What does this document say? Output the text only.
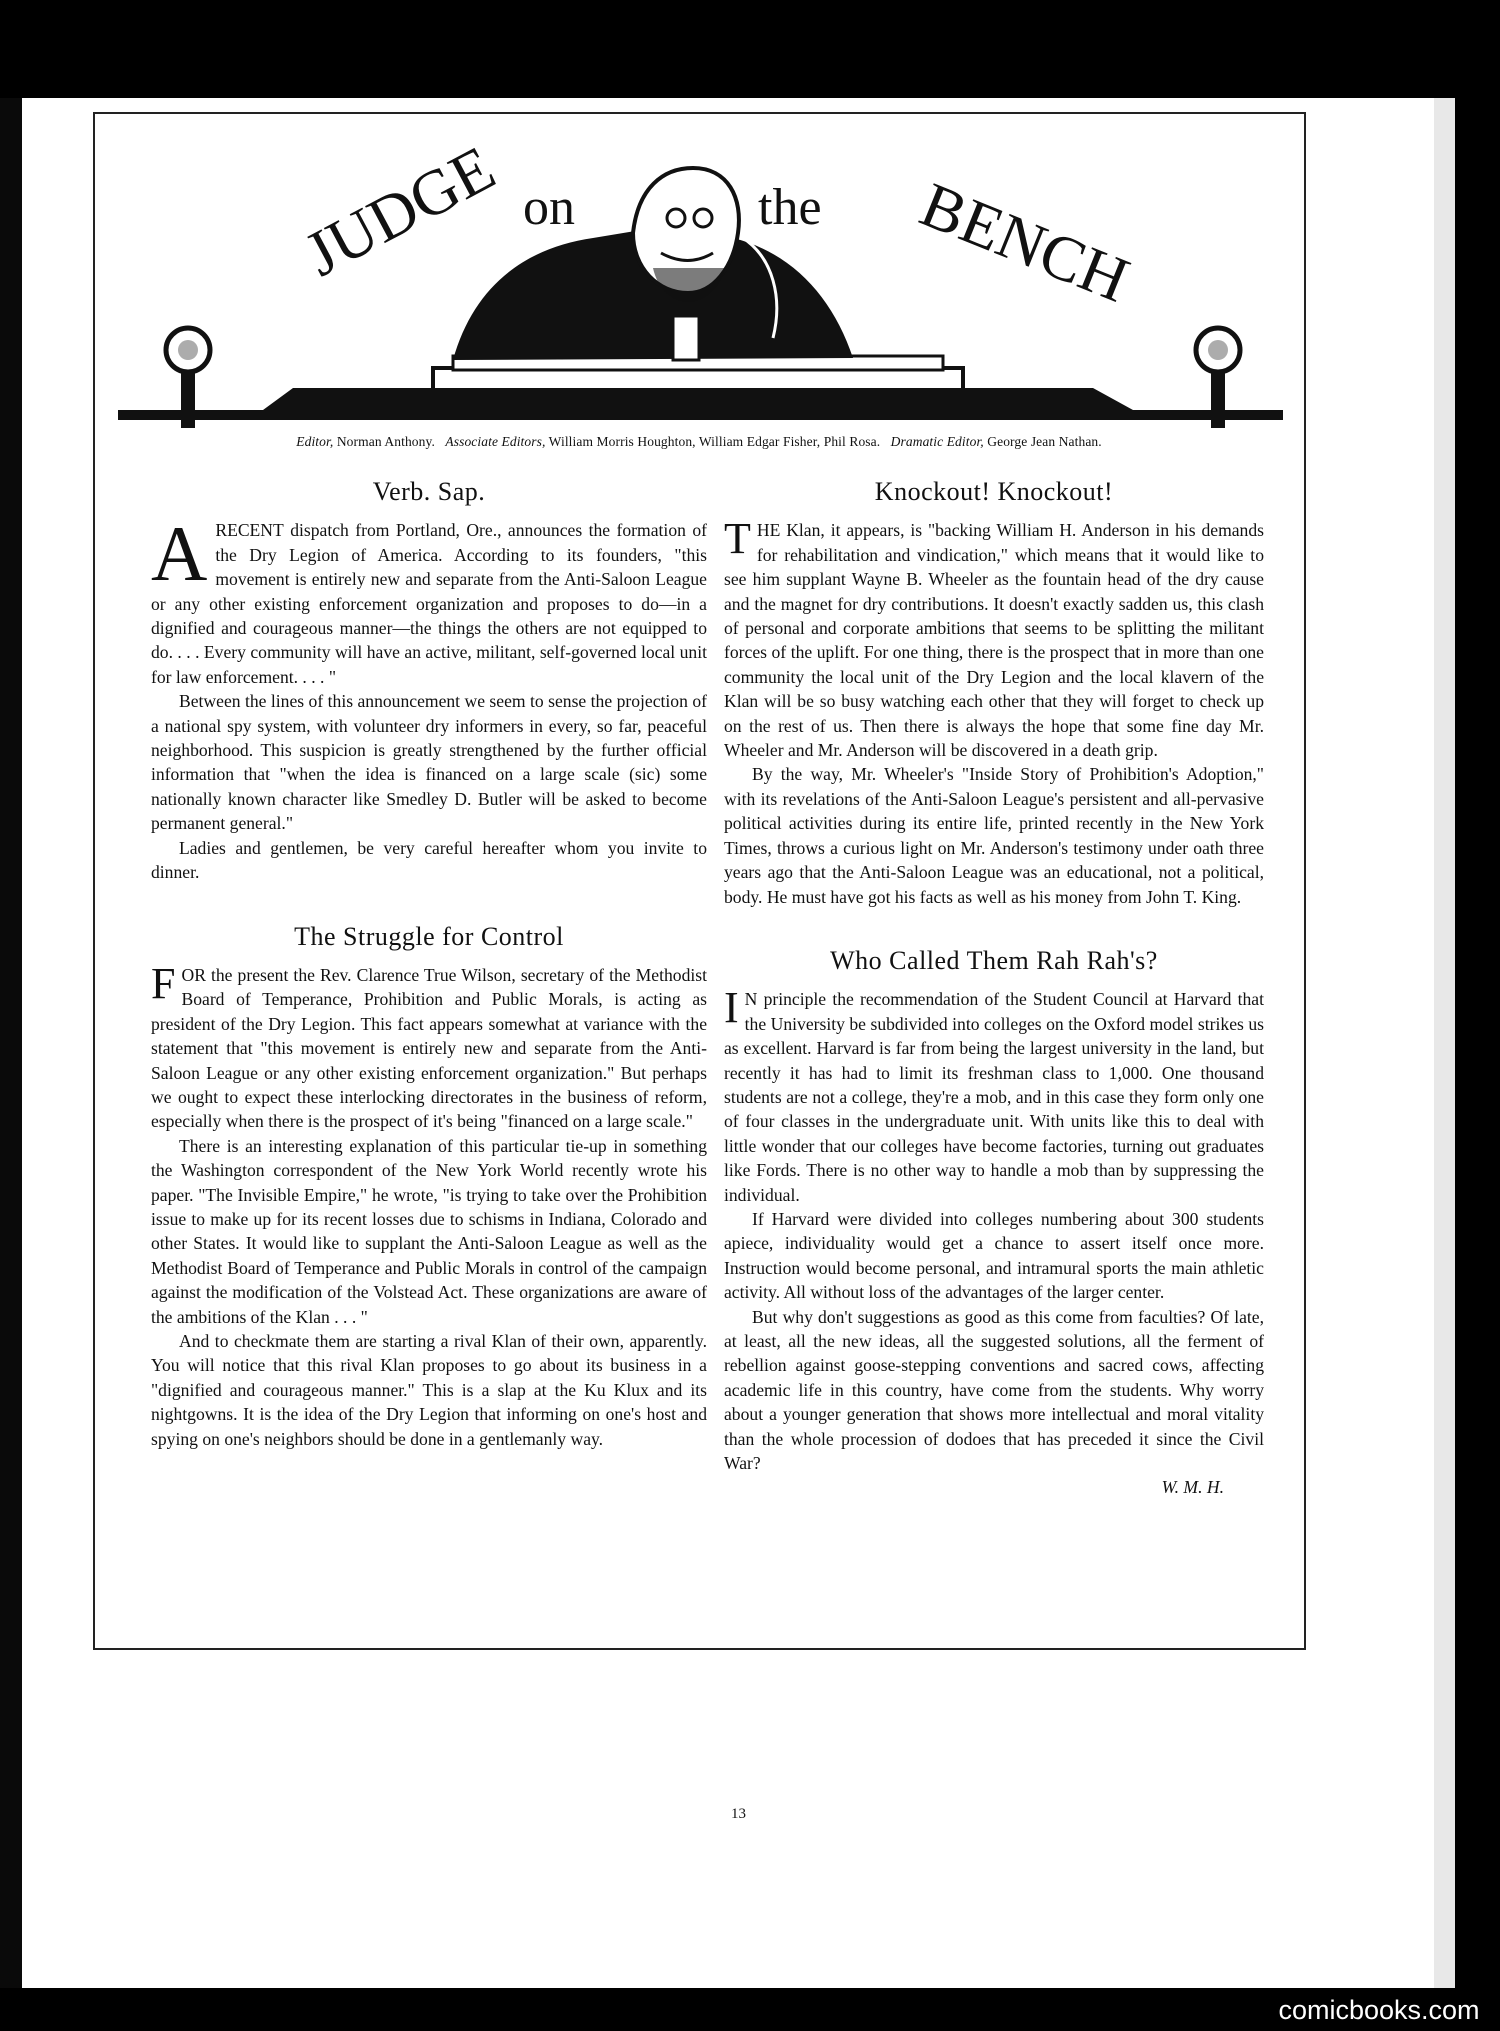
13
JUDGE on	the BENCH
Editor, Norman Anthony. Associate Editors, William Morris Houghton, William Edgar Fisher, Phil Rosa. Dramatic Editor, George Jean Nathan.
Verb. Sap.

ARECENT dispatch from Portland, Ore., announces the formation of the Dry Legion of America. According to its founders, "this movement is entirely new and separate from the Anti-Saloon League or any other existing enforcement organization and proposes to do—in a dignified and courageous manner—the things the others are not equipped to do. . . . Every community will have an active, militant, self-governed local unit for law enforcement. . . . "

Between the lines of this announcement we seem to sense the projection of a national spy system, with volunteer dry informers in every, so far, peaceful neighborhood. This suspicion is greatly strengthened by the further official information that "when the idea is financed on a large scale (sic) some nationally known character like Smedley D. Butler will be asked to become permanent general."

Ladies and gentlemen, be very careful hereafter whom you invite to dinner.

The Struggle for Control

FOR the present the Rev. Clarence True Wilson, secretary of the Methodist Board of Temperance, Prohibition and Public Morals, is acting as president of the Dry Legion. This fact appears somewhat at variance with the statement that "this movement is entirely new and separate from the Anti-Saloon League or any other existing enforcement organization." But perhaps we ought to expect these interlocking directorates in the business of reform, especially when there is the prospect of it's being "financed on a large scale."

There is an interesting explanation of this particular tie-up in something the Washington correspondent of the New York World recently wrote his paper. "The Invisible Empire," he wrote, "is trying to take over the Prohibition issue to make up for its recent losses due to schisms in Indiana, Colorado and other States. It would like to supplant the Anti-Saloon League as well as the Methodist Board of Temperance and Public Morals in control of the campaign against the modification of the Volstead Act. These organizations are aware of the ambitions of the Klan . . . "

And to checkmate them are starting a rival Klan of their own, apparently. You will notice that this rival Klan proposes to go about its business in a "dignified and courageous manner." This is a slap at the Ku Klux and its nightgowns. It is the idea of the Dry Legion that informing on one's host and spying on one's neighbors should be done in a gentlemanly way.

Knockout! Knockout!

THE Klan, it appears, is "backing William H. Anderson in his demands for rehabilitation and vindication," which means that it would like to see him supplant Wayne B. Wheeler as the fountain head of the dry cause and the magnet for dry contributions. It doesn't exactly sadden us, this clash of personal and corporate ambitions that seems to be splitting the militant forces of the uplift. For one thing, there is the prospect that in more than one community the local unit of the Dry Legion and the local klavern of the Klan will be so busy watching each other that they will forget to check up on the rest of us. Then there is always the hope that some fine day Mr. Wheeler and Mr. Anderson will be discovered in a death grip.

By the way, Mr. Wheeler's "Inside Story of Prohibition's Adoption," with its revelations of the Anti-Saloon League's persistent and all-pervasive political activities during its entire life, printed recently in the New York Times, throws a curious light on Mr. Anderson's testimony under oath three years ago that the Anti-Saloon League was an educational, not a political, body. He must have got his facts as well as his money from John T. King.

Who Called Them Rah Rah's?

I N principle the recommendation of the Student Council at Harvard that the University be subdivided into colleges on the Oxford model strikes us as excellent. Harvard is far from being the largest university in the land, but recently it has had to limit its freshman class to 1,000. One thousand students are not a college, they're a mob, and in this case they form only one of four classes in the undergraduate unit. With units like this to deal with little wonder that our colleges have become factories, turning out graduates like Fords. There is no other way to handle a mob than by suppressing the individual.

If Harvard were divided into colleges numbering about 300 students apiece, individuality would get a chance to assert itself once more. Instruction would become personal, and intramural sports the main athletic activity. All without loss of the advantages of the larger center.

But why don't suggestions as good as this come from faculties? Of late, at least, all the new ideas, all the suggested solutions, all the ferment of rebellion against goose-stepping conventions and sacred cows, affecting academic life in this country, have come from the students. Why worry about a younger generation that shows more intellectual and moral vitality than the whole procession of dodoes that has preceded it since the Civil War?

W. M. H.

comicbooks.com
